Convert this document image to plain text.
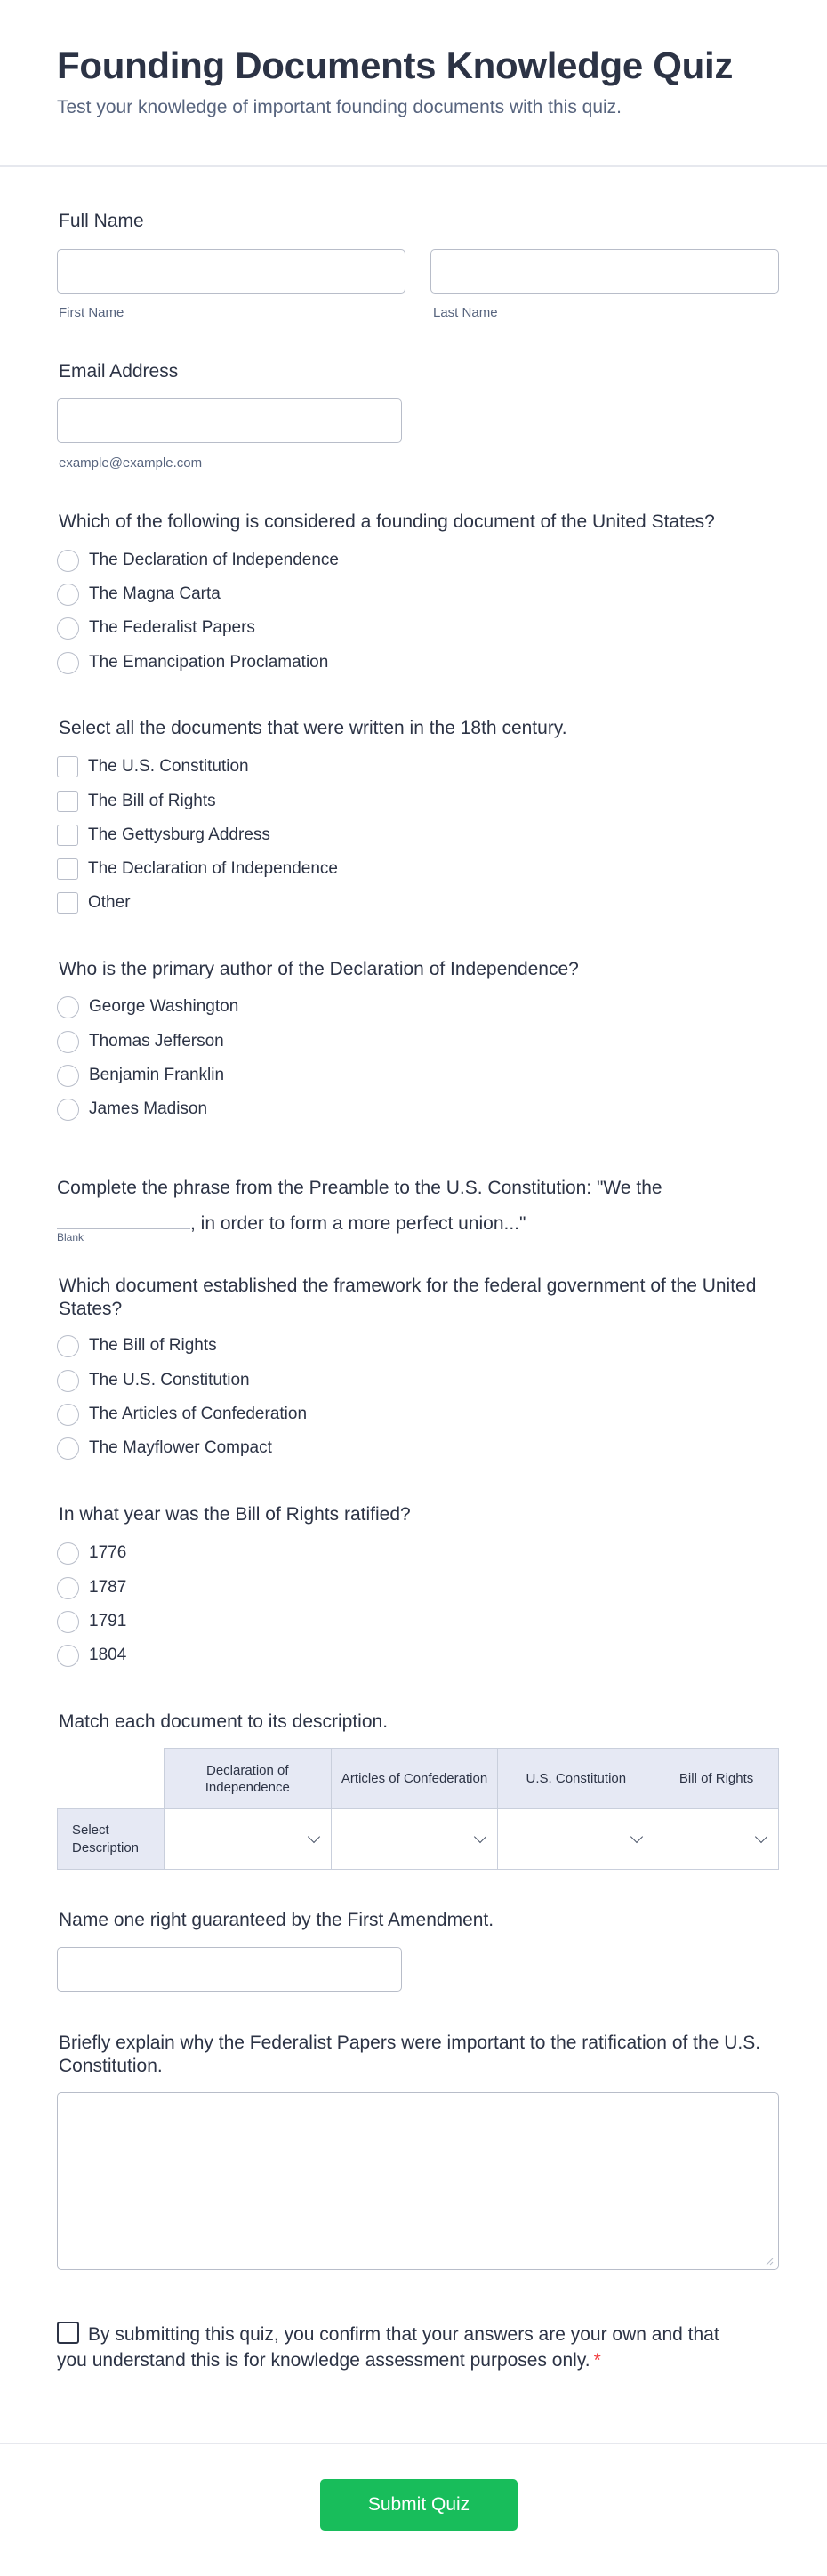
Founding Documents Knowledge Quiz
Test your knowledge of important founding documents with this quiz.
Full Name
First Name	Last Name
Email Address
example@example.com
Which of the following is considered a founding document of the United States?
The Declaration of Independence
The Magna Carta
The Federalist Papers
The Emancipation Proclamation
Select all the documents that were written in the 18th century.
The U.S. Constitution
The Bill of Rights
The Gettysburg Address
The Declaration of Independence
Other
Who is the primary author of the Declaration of Independence?
George Washington
Thomas Jefferson
Benjamin Franklin
James Madison
Complete the phrase from the Preamble to the U.S. Constitution: "We the , in order to form a more perfect union..."
Blank
Which document established the framework for the federal government of the United States?
The Bill of Rights
The U.S. Constitution
The Articles of Confederation
The Mayflower Compact
In what year was the Bill of Rights ratified?
1776
1787
1791
1804
Match each document to its description.
	Declaration of Independence	Articles of Confederation	U.S. Constitution	Bill of Rights
Select Description	

Name one right guaranteed by the First Amendment.
Briefly explain why the Federalist Papers were important to the ratification of the U.S. Constitution.
By submitting this quiz, you confirm that your answers are your own and that you understand this is for knowledge assessment purposes only. *
Submit Quiz
